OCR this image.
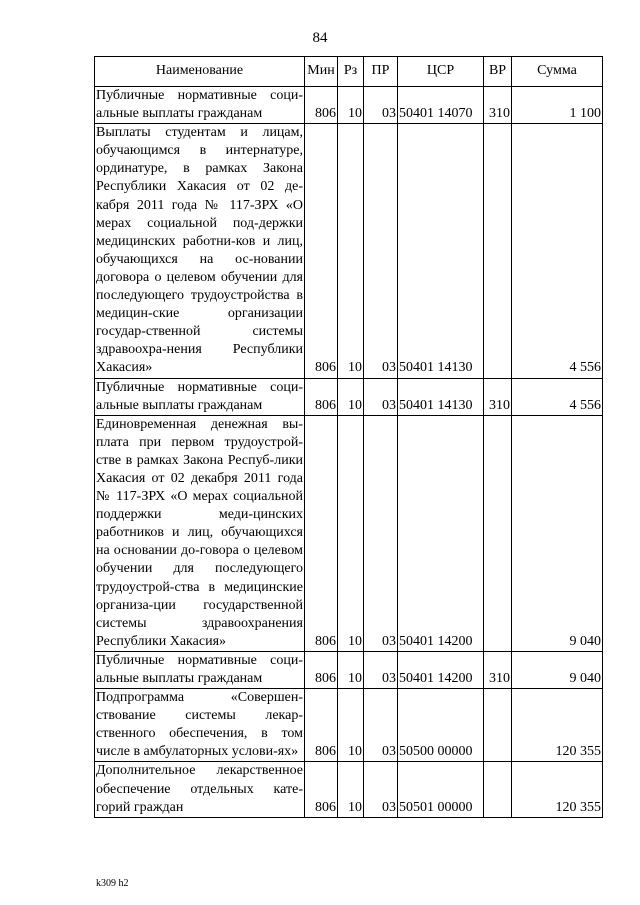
84
Наименование	Мин	Рз	ПР	ЦСР	ВР	Сумма
Публичные нормативные соци-альные выплаты гражданам	806	10	03	50401 14070	310	1 100
Выплаты студентам и лицам, обучающимся в интернатуре, ординатуре, в рамках Закона Республики Хакасия от 02 де-кабря 2011 года № 117-ЗРХ «О мерах социальной под-держки медицинских работни-ков и лиц, обучающихся на ос-новании договора о целевом обучении для последующего трудоустройства в медицин-ские организации государ-ственной системы здравоохра-нения Республики Хакасия»	806	10	03	50401 14130		4 556
Публичные нормативные соци-альные выплаты гражданам	806	10	03	50401 14130	310	4 556
Единовременная денежная вы-плата при первом трудоустрой-стве в рамках Закона Респуб-лики Хакасия от 02 декабря 2011 года № 117-ЗРХ «О мерах социальной поддержки меди-цинских работников и лиц, обучающихся на основании до-говора о целевом обучении для последующего трудоустрой-ства в медицинские организа-ции государственной системы здравоохранения Республики Хакасия»	806	10	03	50401 14200		9 040
Публичные нормативные соци-альные выплаты гражданам	806	10	03	50401 14200	310	9 040
Подпрограмма «Совершен-ствование системы лекар-ственного обеспечения, в том числе в амбулаторных услови-ях»	806	10	03	50500 00000		120 355
Дополнительное лекарственное обеспечение отдельных кате-горий граждан	806	10	03	50501 00000		120 355
k309 h2
